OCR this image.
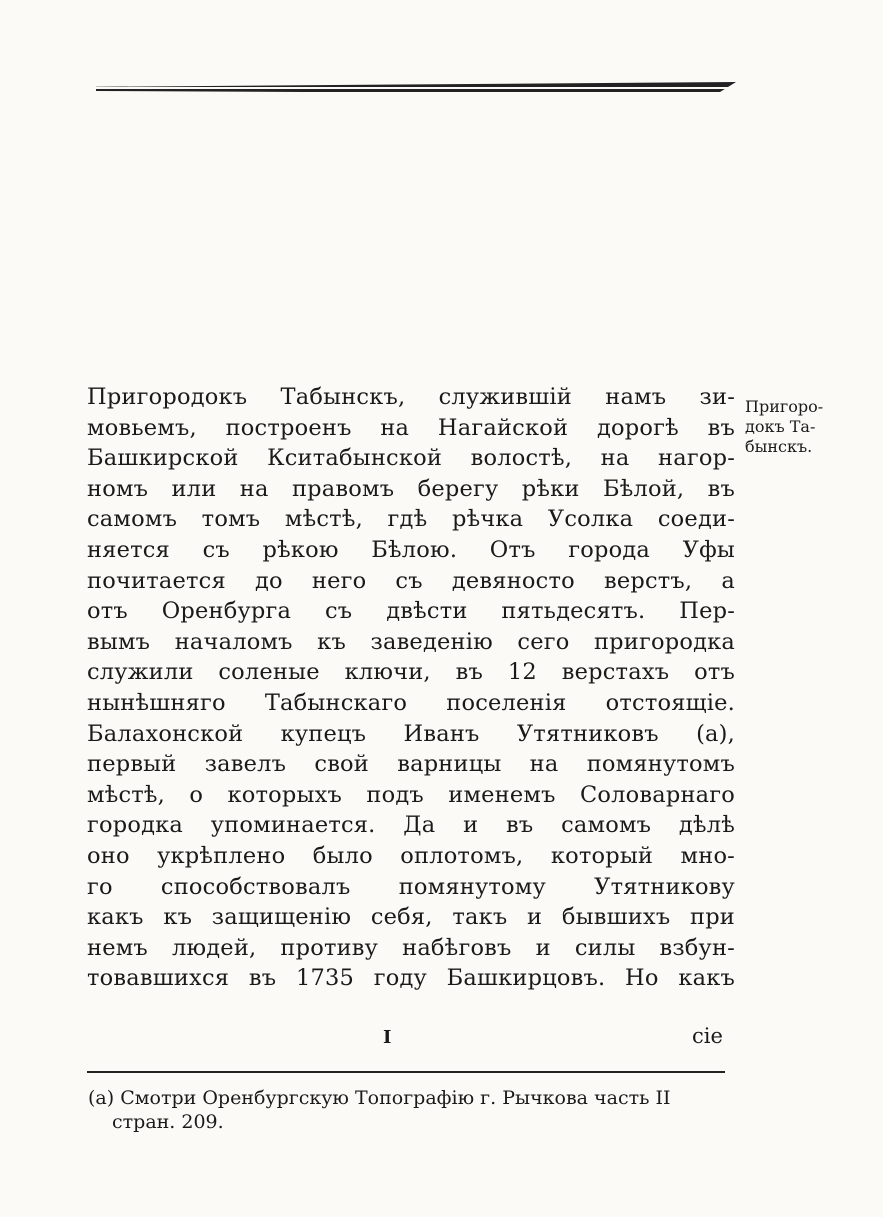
Пригоро-
докъ Та-
бынскъ.
Пригородокъ Табынскъ, служившій намъ зи-
мовьемъ, построенъ на Нагайской дорогѣ въ
Башкирской Кситабынской волостѣ, на нагор-
номъ или на правомъ берегу рѣки Бѣлой, въ
самомъ томъ мѣстѣ, гдѣ рѣчка Усолка соеди-
няется съ рѣкою Бѣлою. Отъ города Уфы
почитается до него съ девяносто верстъ, а
отъ Оренбурга съ двѣсти пятьдесятъ. Пер-
вымъ началомъ къ заведенію сего пригородка
служили соленые ключи, въ 12 верстахъ отъ
нынѣшняго Табынскаго поселенія отстоящіе.
Балахонской купецъ Иванъ Утятниковъ (а),
первый завелъ свой варницы на помянутомъ
мѣстѣ, о которыхъ подъ именемъ Соловарнаго
городка упоминается. Да и въ самомъ дѣлѣ
оно укрѣплено было оплотомъ, который мно-
го способствовалъ помянутому Утятникову
какъ къ защищенію себя, такъ и бывшихъ при
немъ людей, противу набѣговъ и силы взбун-
товавшихся въ 1735 году Башкирцовъ. Но какъ
I	сіе
(а) Смотри Оренбургскую Топографію г. Рычкова часть II
стран. 209.
